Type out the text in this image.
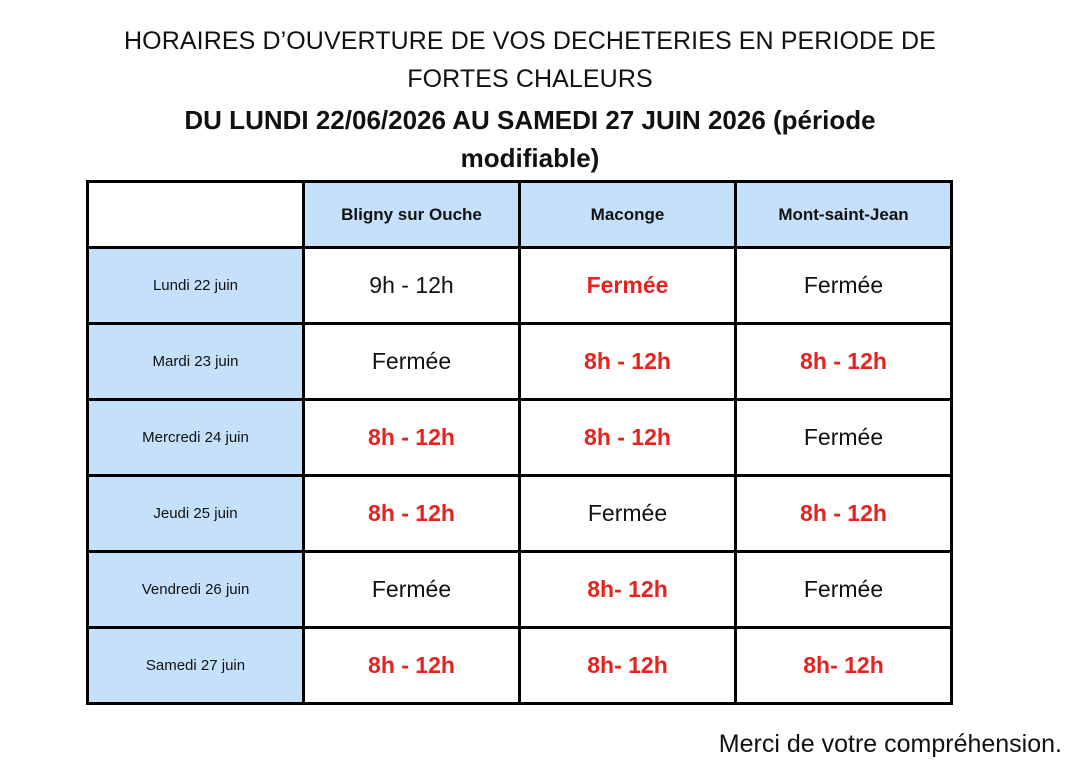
HORAIRES D’OUVERTURE DE VOS DECHETERIES EN PERIODE DE
FORTES CHALEURS
DU LUNDI 22/06/2026 AU SAMEDI 27 JUIN 2026 (période
modifiable)
	Bligny sur Ouche	Maconge	Mont-saint-Jean
Lundi 22 juin	9h - 12h	Fermée	Fermée
Mardi 23 juin	Fermée	8h - 12h	8h - 12h
Mercredi 24 juin	8h - 12h	8h - 12h	Fermée
Jeudi 25 juin	8h - 12h	Fermée	8h - 12h
Vendredi 26 juin	Fermée	8h- 12h	Fermée
Samedi 27 juin	8h - 12h	8h- 12h	8h- 12h
Merci de votre compréhension.
